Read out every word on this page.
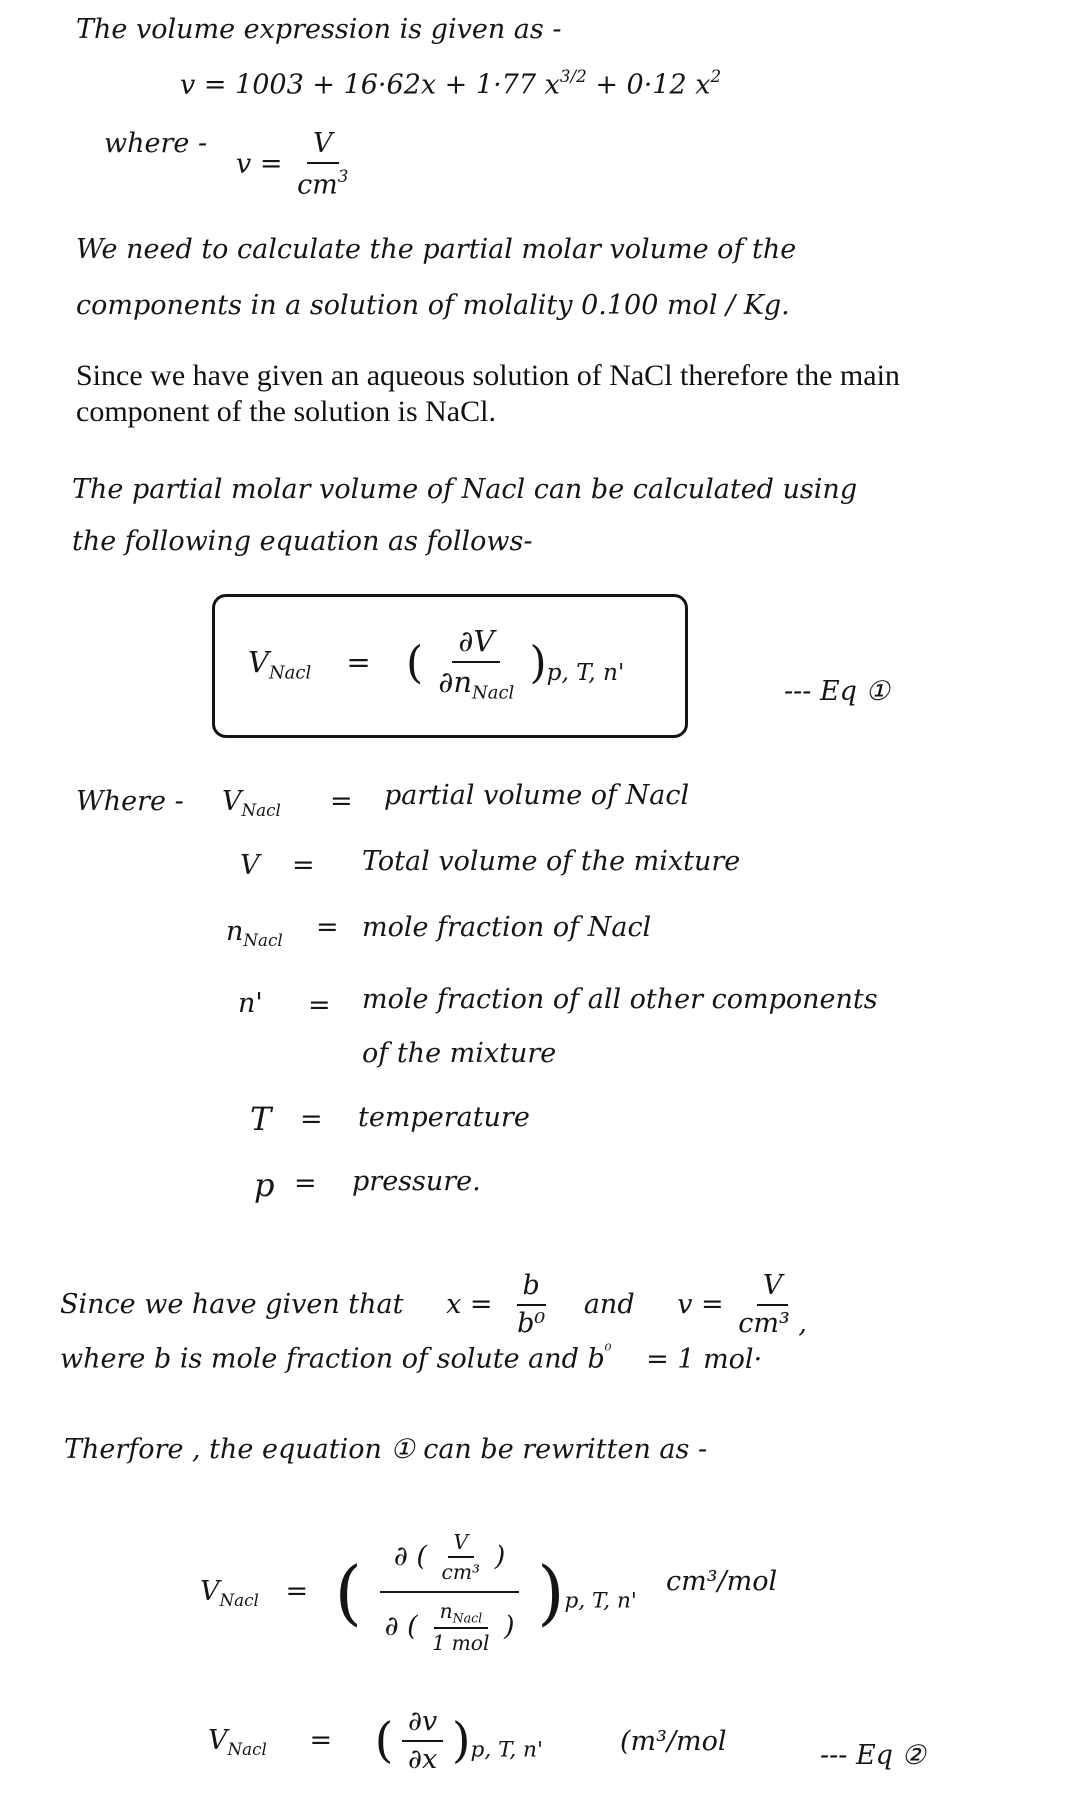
The volume expression is given as -
v = 1003 + 16·62x + 1·77 $x^{3/2} + 0\cdot 12$ $x^2$
where -
$v = \frac{V}{cm^3}$
We need to calculate the partial molar volume of the
components in a solution of molality 0.100 mol / Kg.
Since we have given an aqueous solution of NaCl therefore the main component of the solution is NaCl.
The partial molar volume of Nacl can be calculated using
the following equation as follows-
$V_{Nacl}$ = ( $\frac{\partial V}{\partial n_{Nacl}} )_{p, T, n'}$
--- Eq ①
Where - $V_{Nacl}$ = partial volume of Nacl
V = Total volume of the mixture
$n_{Nacl}$ = mole fraction of Nacl
n' = mole fraction of all other components
of the mixture
T = temperature
p = pressure.
Since we have given that $x = \frac{b}{\text{b⁰}}$ and $v = \frac{V}{\text{cm³ ,}}$
where b is mole fraction of solute and $b^{^0} = 1$ mol·
Therfore , the equation ① can be rewritten as -
$V_{Nacl}$ = ( $\frac{\partial ( \frac{V}{\text{cm³}} )}{\partial ( \frac{n_{Nacl}}{\text{1 mol}} )} )_{p, T, n'}$
cm³/mol
$V_{Nacl}$ = ( $\frac{\partial v}{\partial x} )_{p, T, n'}$	(m³/mol	--- Eq ②
